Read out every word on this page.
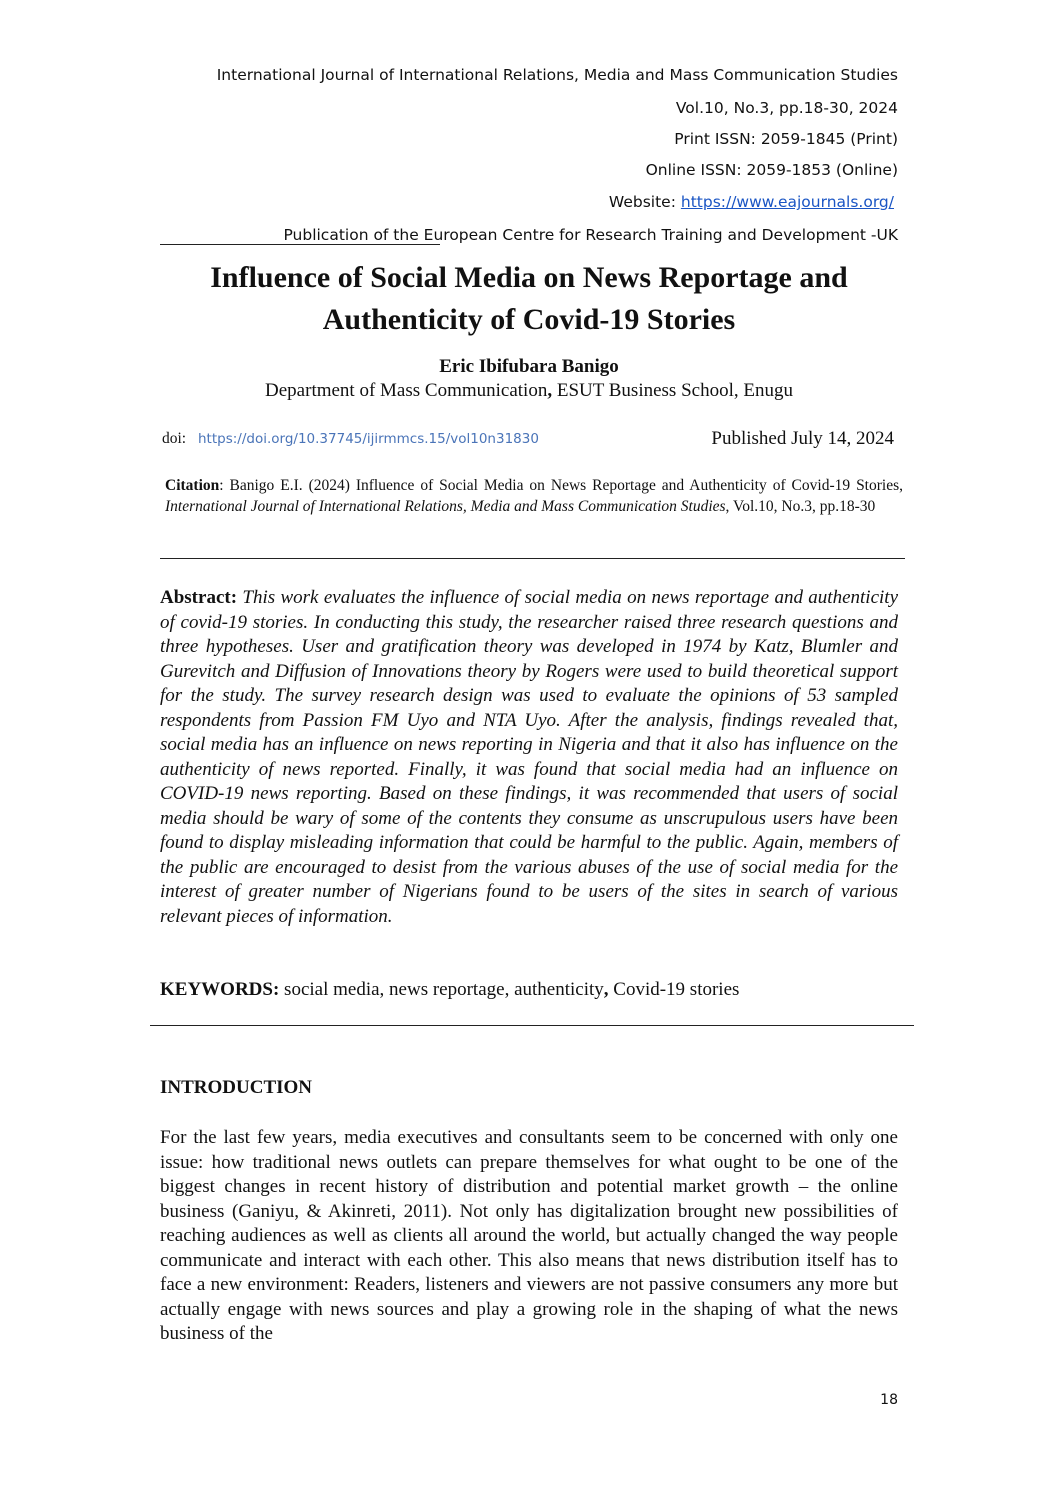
International Journal of International Relations, Media and Mass Communication Studies
Vol.10, No.3, pp.18-30, 2024
Print ISSN: 2059-1845 (Print)
Online ISSN: 2059-1853 (Online)
Website: https://www.eajournals.org/
Publication of the European Centre for Research Training and Development -UK
Influence of Social Media on News Reportage and Authenticity of Covid-19 Stories
Eric Ibifubara Banigo
Department of Mass Communication, ESUT Business School, Enugu
doi: https://doi.org/10.37745/ijirmmcs.15/vol10n31830	Published July 14, 2024
Citation: Banigo E.I. (2024) Influence of Social Media on News Reportage and Authenticity of Covid-19 Stories, International Journal of International Relations, Media and Mass Communication Studies, Vol.10, No.3, pp.18-30
Abstract: This work evaluates the influence of social media on news reportage and authenticity of covid-19 stories. In conducting this study, the researcher raised three research questions and three hypotheses. User and gratification theory was developed in 1974 by Katz, Blumler and Gurevitch and Diffusion of Innovations theory by Rogers were used to build theoretical support for the study. The survey research design was used to evaluate the opinions of 53 sampled respondents from Passion FM Uyo and NTA Uyo. After the analysis, findings revealed that, social media has an influence on news reporting in Nigeria and that it also has influence on the authenticity of news reported. Finally, it was found that social media had an influence on COVID-19 news reporting. Based on these findings, it was recommended that users of social media should be wary of some of the contents they consume as unscrupulous users have been found to display misleading information that could be harmful to the public. Again, members of the public are encouraged to desist from the various abuses of the use of social media for the interest of greater number of Nigerians found to be users of the sites in search of various relevant pieces of information.
KEYWORDS: social media, news reportage, authenticity, Covid-19 stories
INTRODUCTION
For the last few years, media executives and consultants seem to be concerned with only one issue: how traditional news outlets can prepare themselves for what ought to be one of the biggest changes in recent history of distribution and potential market growth – the online business (Ganiyu, & Akinreti, 2011). Not only has digitalization brought new possibilities of reaching audiences as well as clients all around the world, but actually changed the way people communicate and interact with each other. This also means that news distribution itself has to face a new environment: Readers, listeners and viewers are not passive consumers any more but actually engage with news sources and play a growing role in the shaping of what the news business of the
18
